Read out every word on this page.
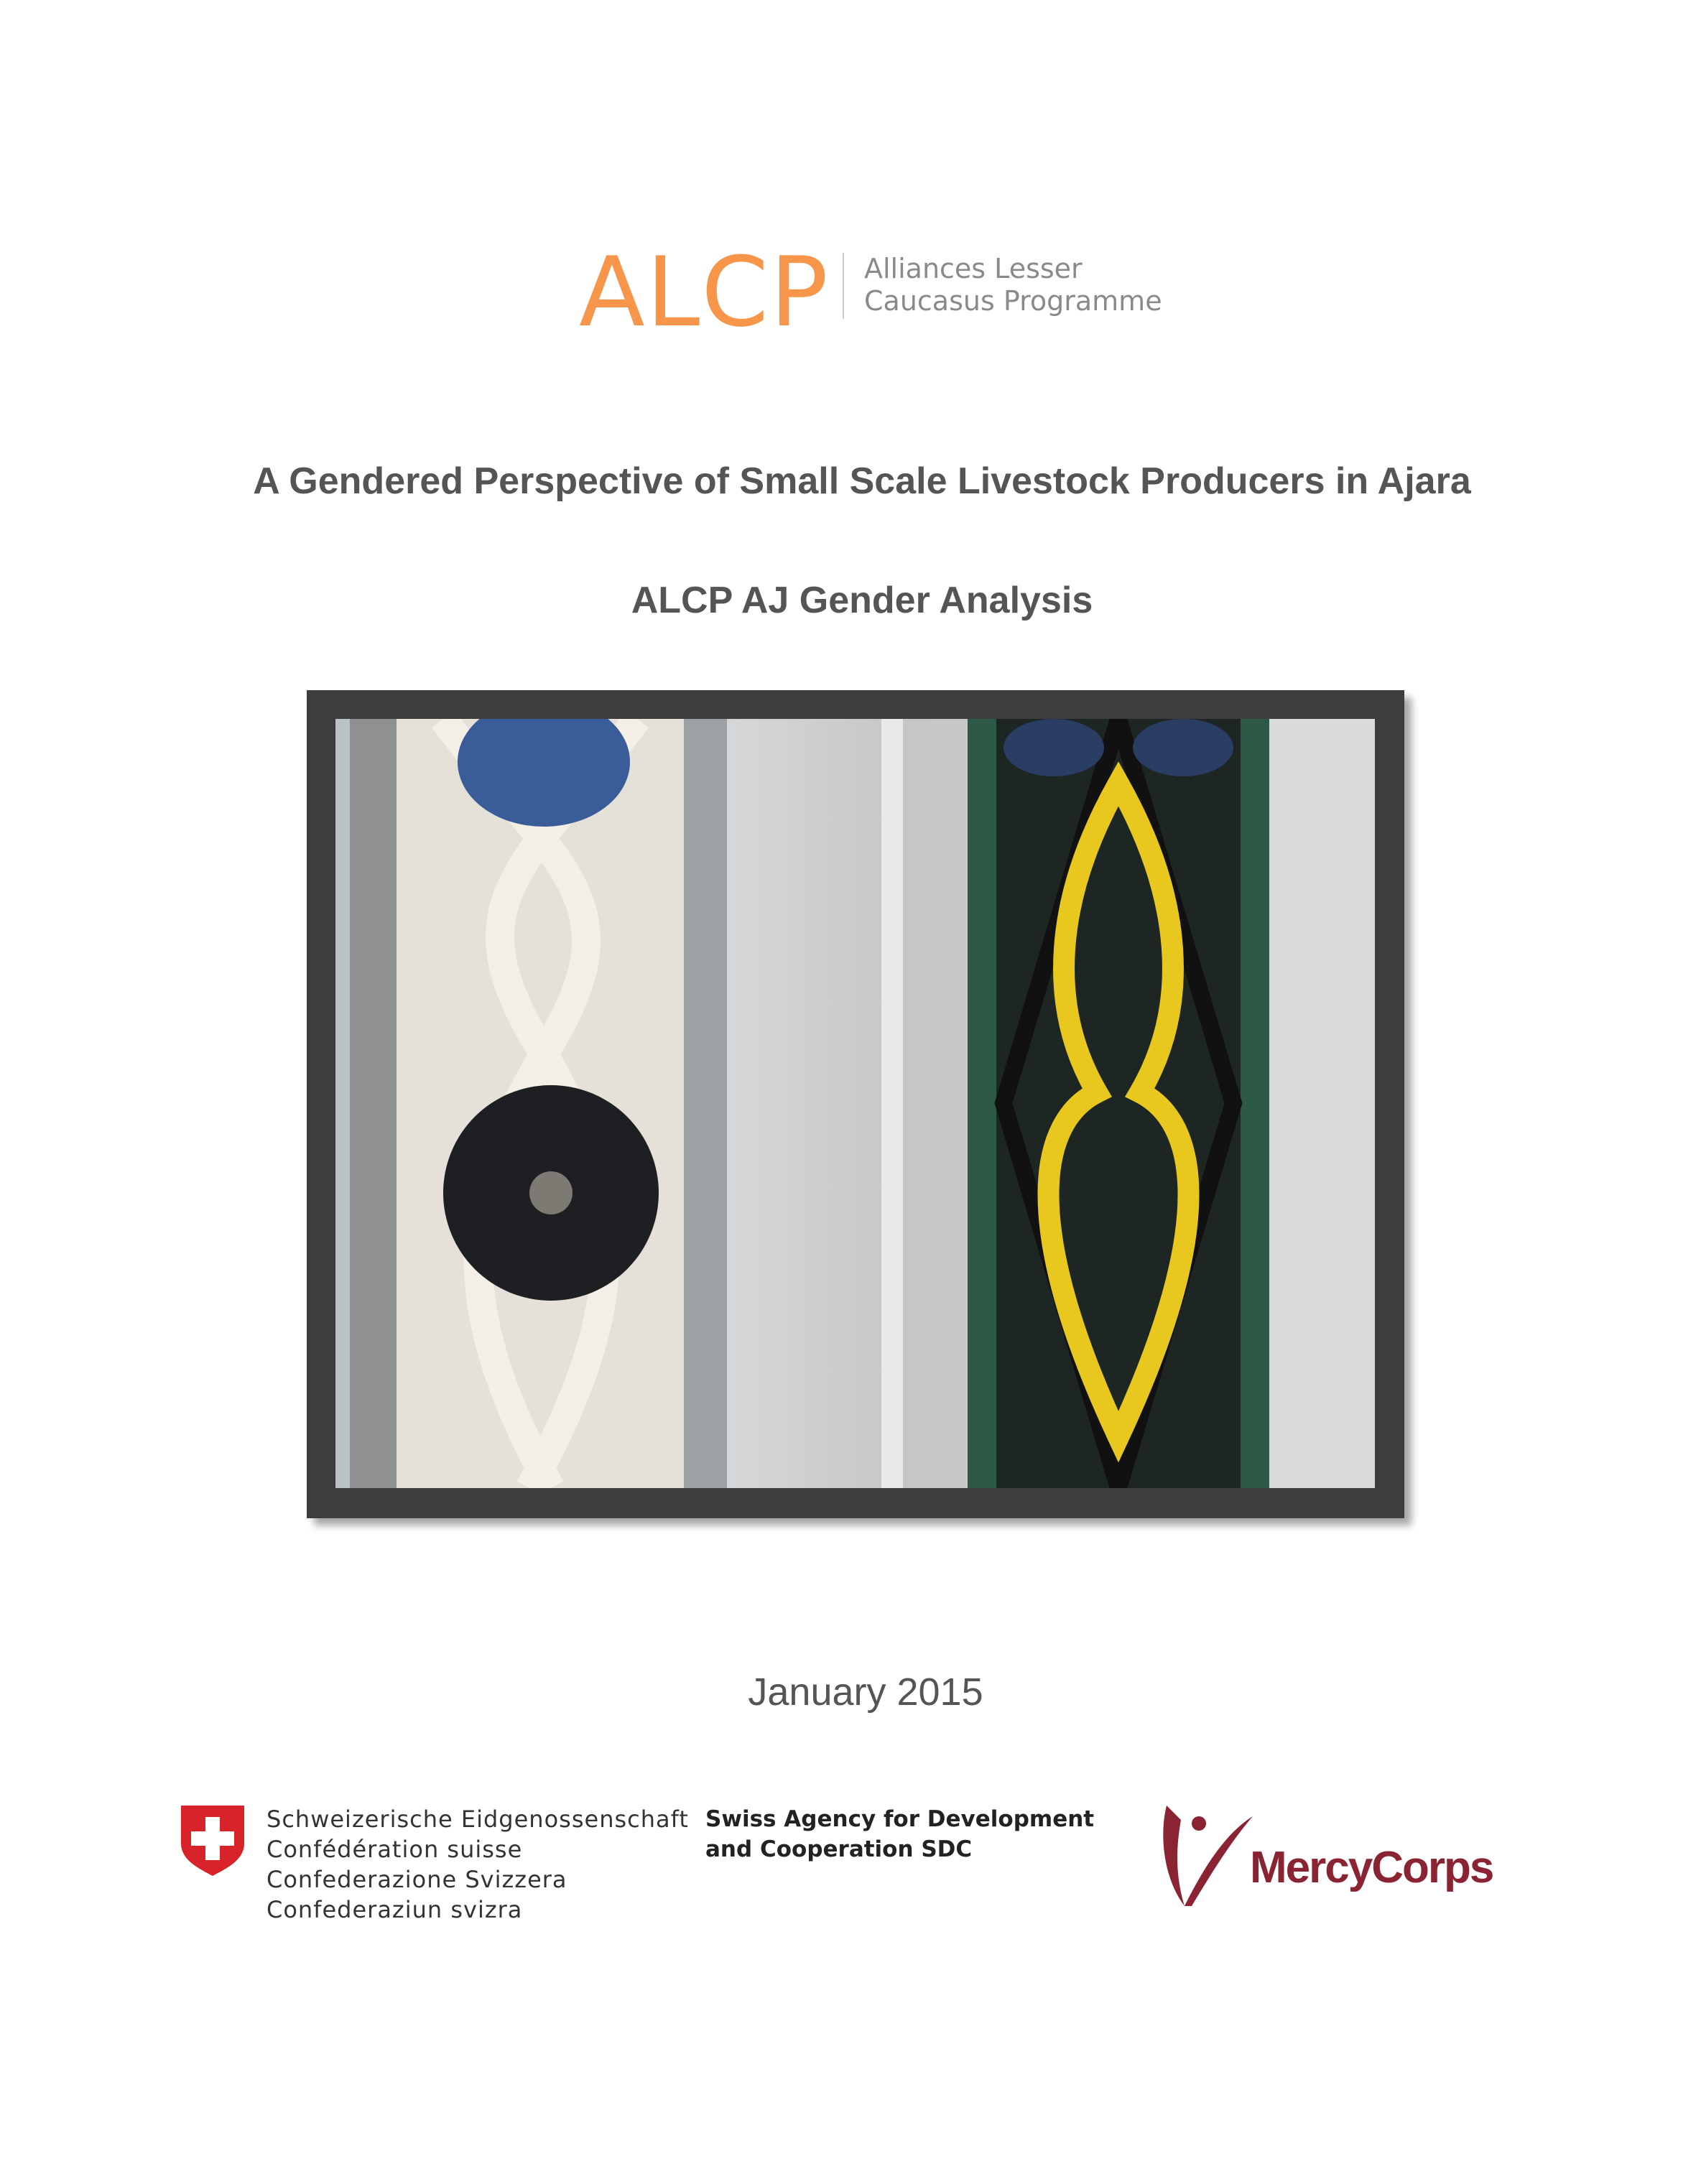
ALCP Alliances Lesser
Caucasus Programme
A Gendered Perspective of Small Scale Livestock Producers in Ajara
ALCP AJ Gender Analysis
January 2015
Schweizerische Eidgenossenschaft
Confédération suisse
Confederazione Svizzera
Confederaziun svizra
Swiss Agency for Development
and Cooperation SDC	MercyCorps
